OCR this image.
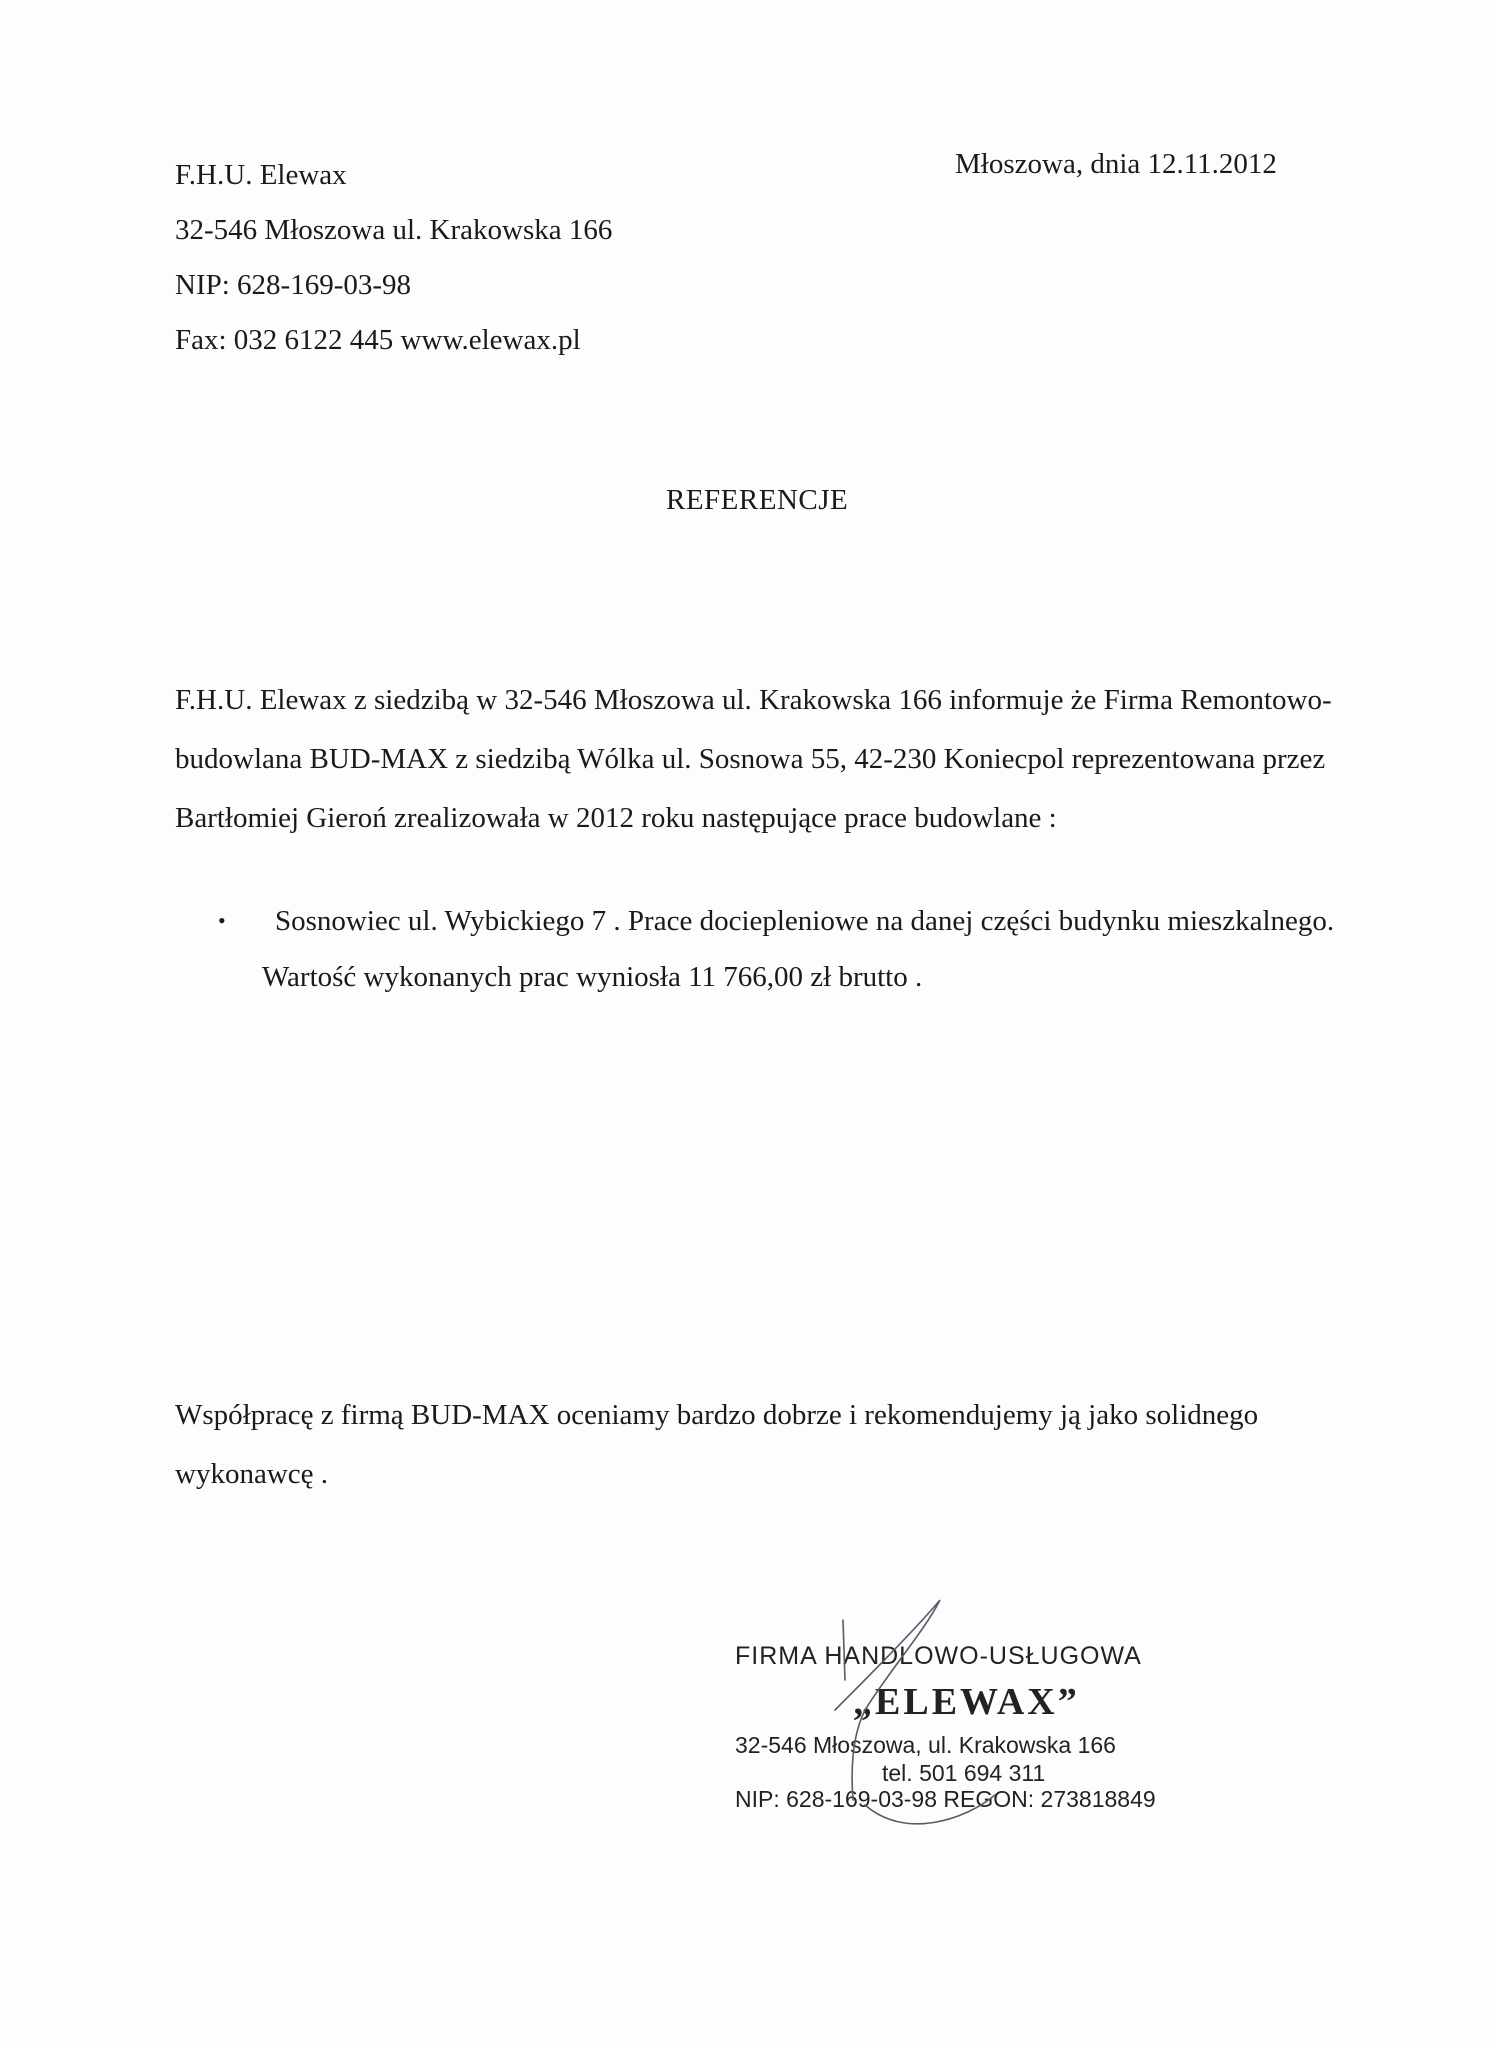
F.H.U. Elewax
32-546 Młoszowa ul. Krakowska 166
NIP: 628-169-03-98
Fax: 032 6122 445 www.elewax.pl
Młoszowa, dnia 12.11.2012
REFERENCJE
F.H.U. Elewax z siedzibą w 32-546 Młoszowa ul. Krakowska 166 informuje że Firma Remontowo-
budowlana BUD-MAX z siedzibą Wólka ul. Sosnowa 55, 42-230 Koniecpol reprezentowana przez
Bartłomiej Gieroń zrealizowała w 2012 roku następujące prace budowlane :
• Sosnowiec ul. Wybickiego 7 . Prace dociepleniowe na danej części budynku mieszkalnego.
Wartość wykonanych prac wyniosła 11 766,00 zł brutto .
Współpracę z firmą BUD-MAX oceniamy bardzo dobrze i rekomendujemy ją jako solidnego
wykonawcę .
FIRMA HANDLOWO-USŁUGOWA
„ELEWAX”
32-546 Młoszowa, ul. Krakowska 166
tel. 501 694 311
NIP: 628-169-03-98 REGON: 273818849
